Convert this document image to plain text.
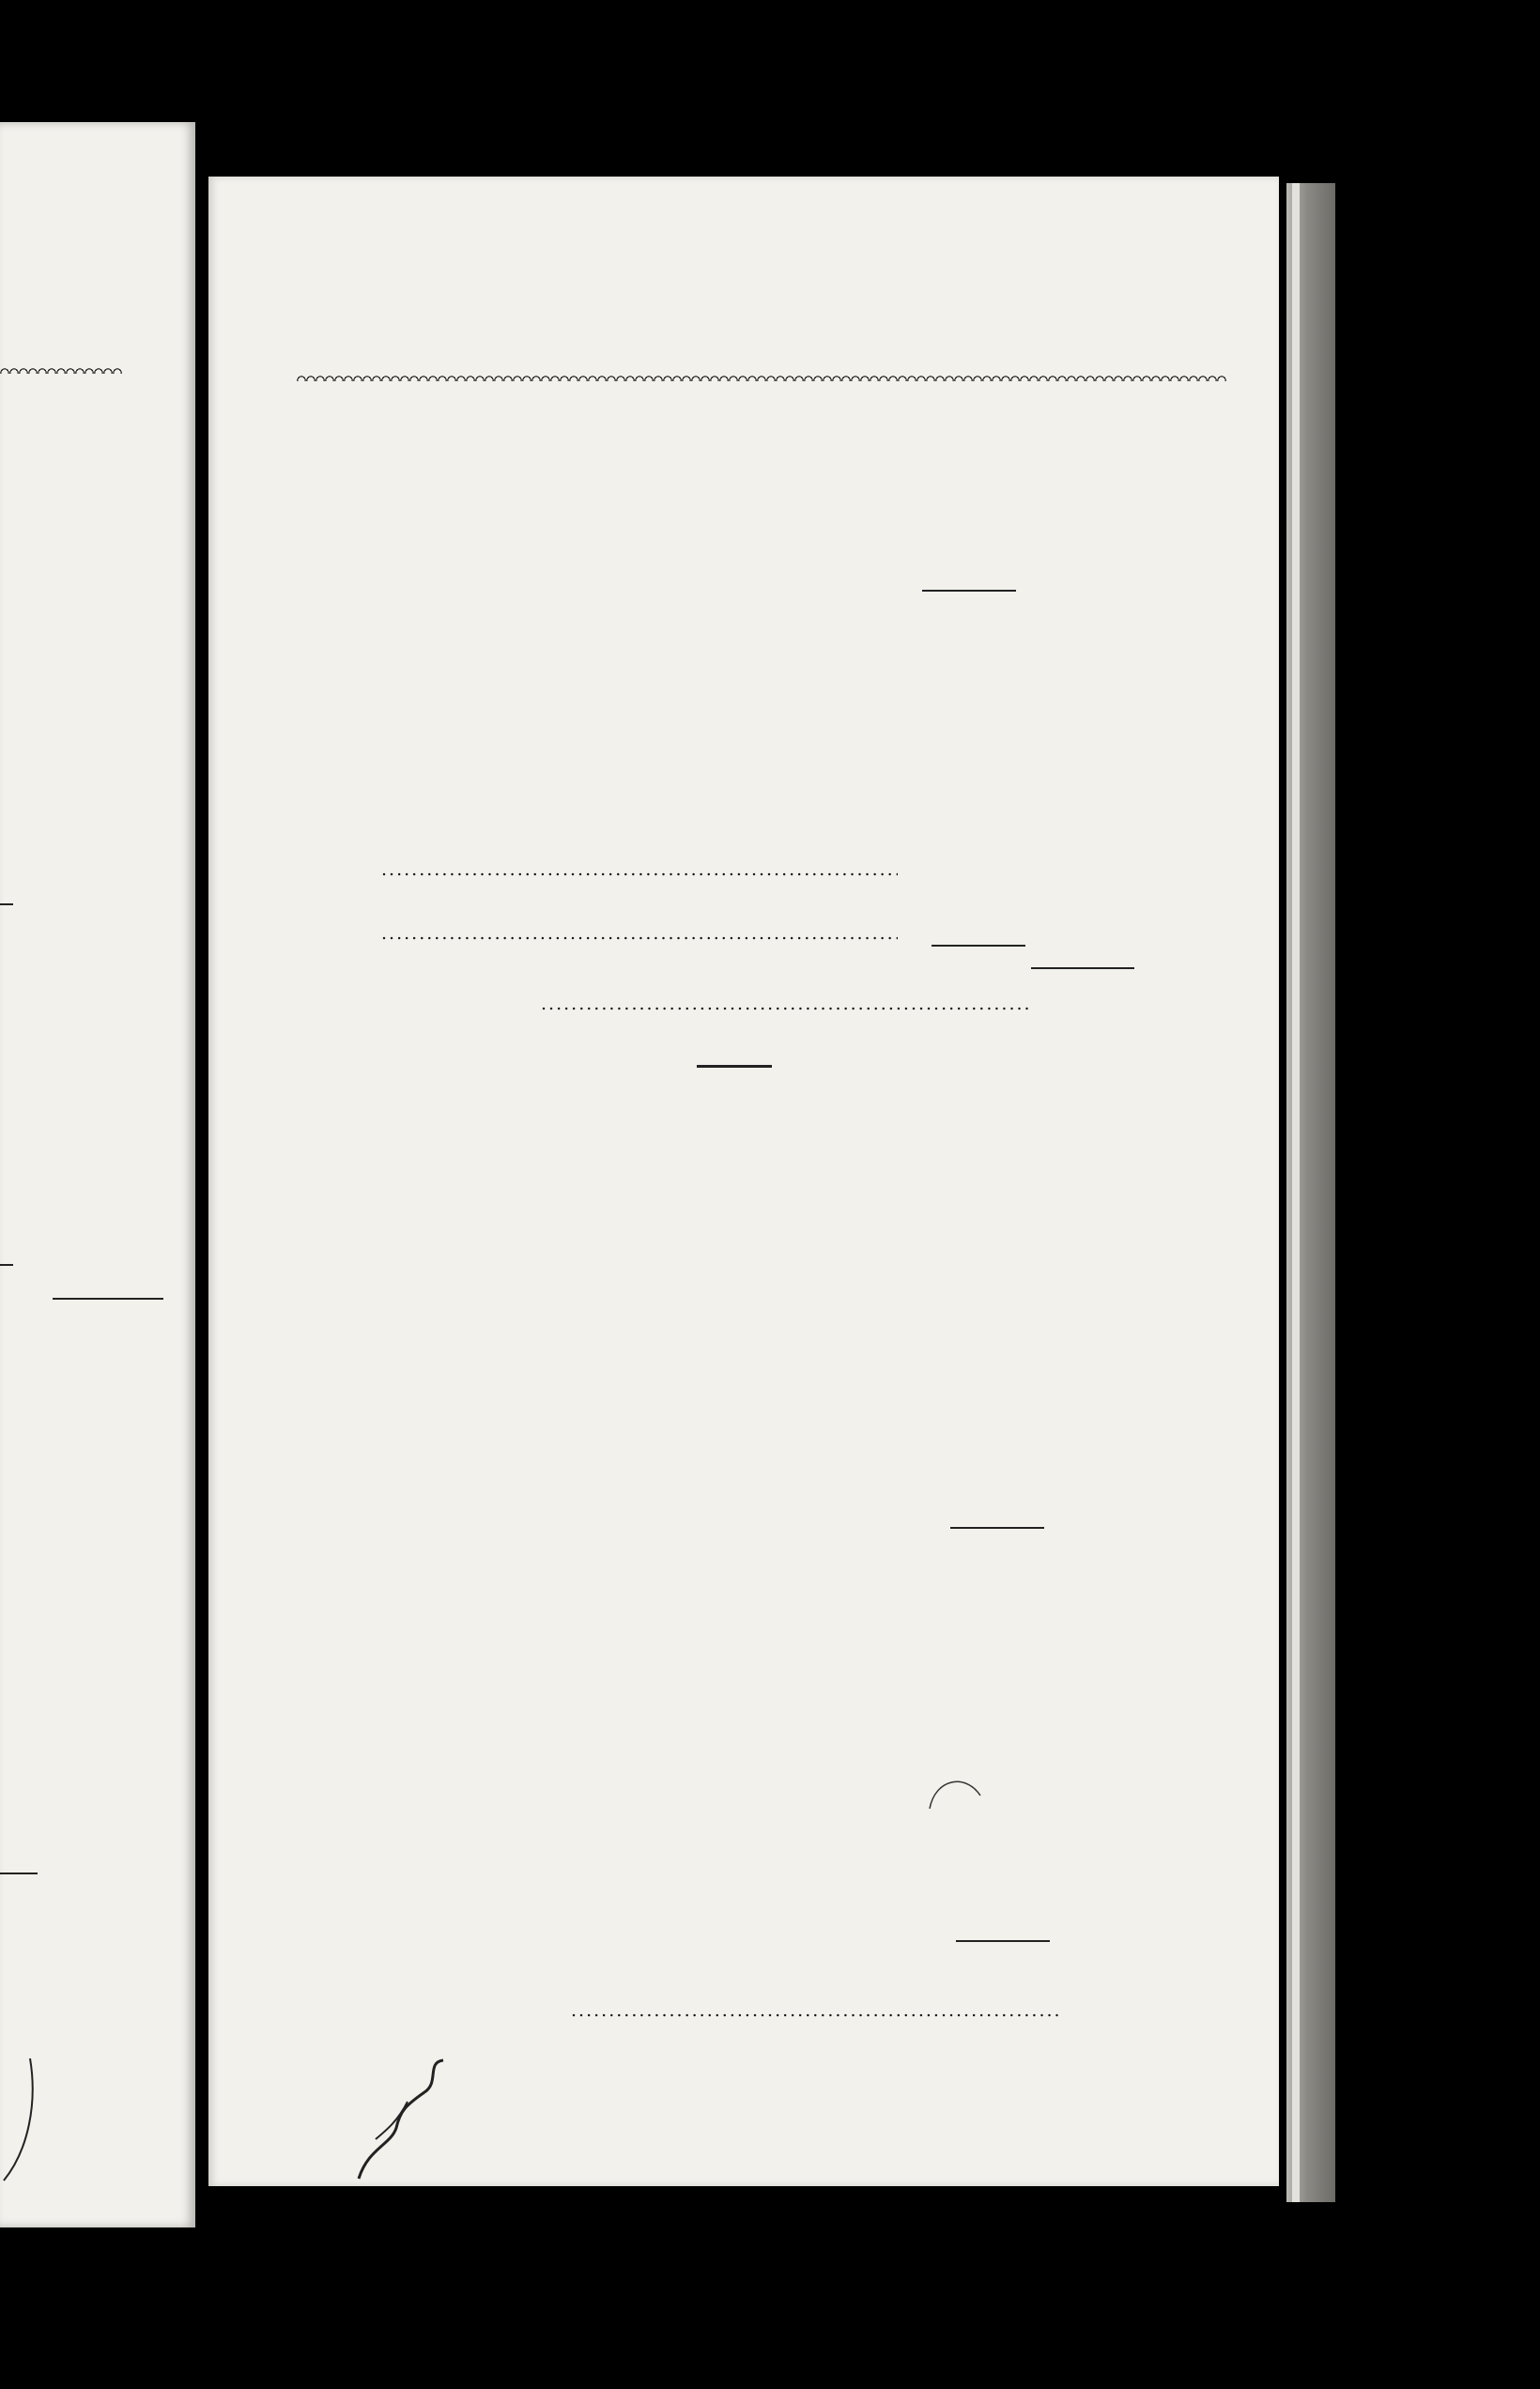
.....
.....
.....
.....
